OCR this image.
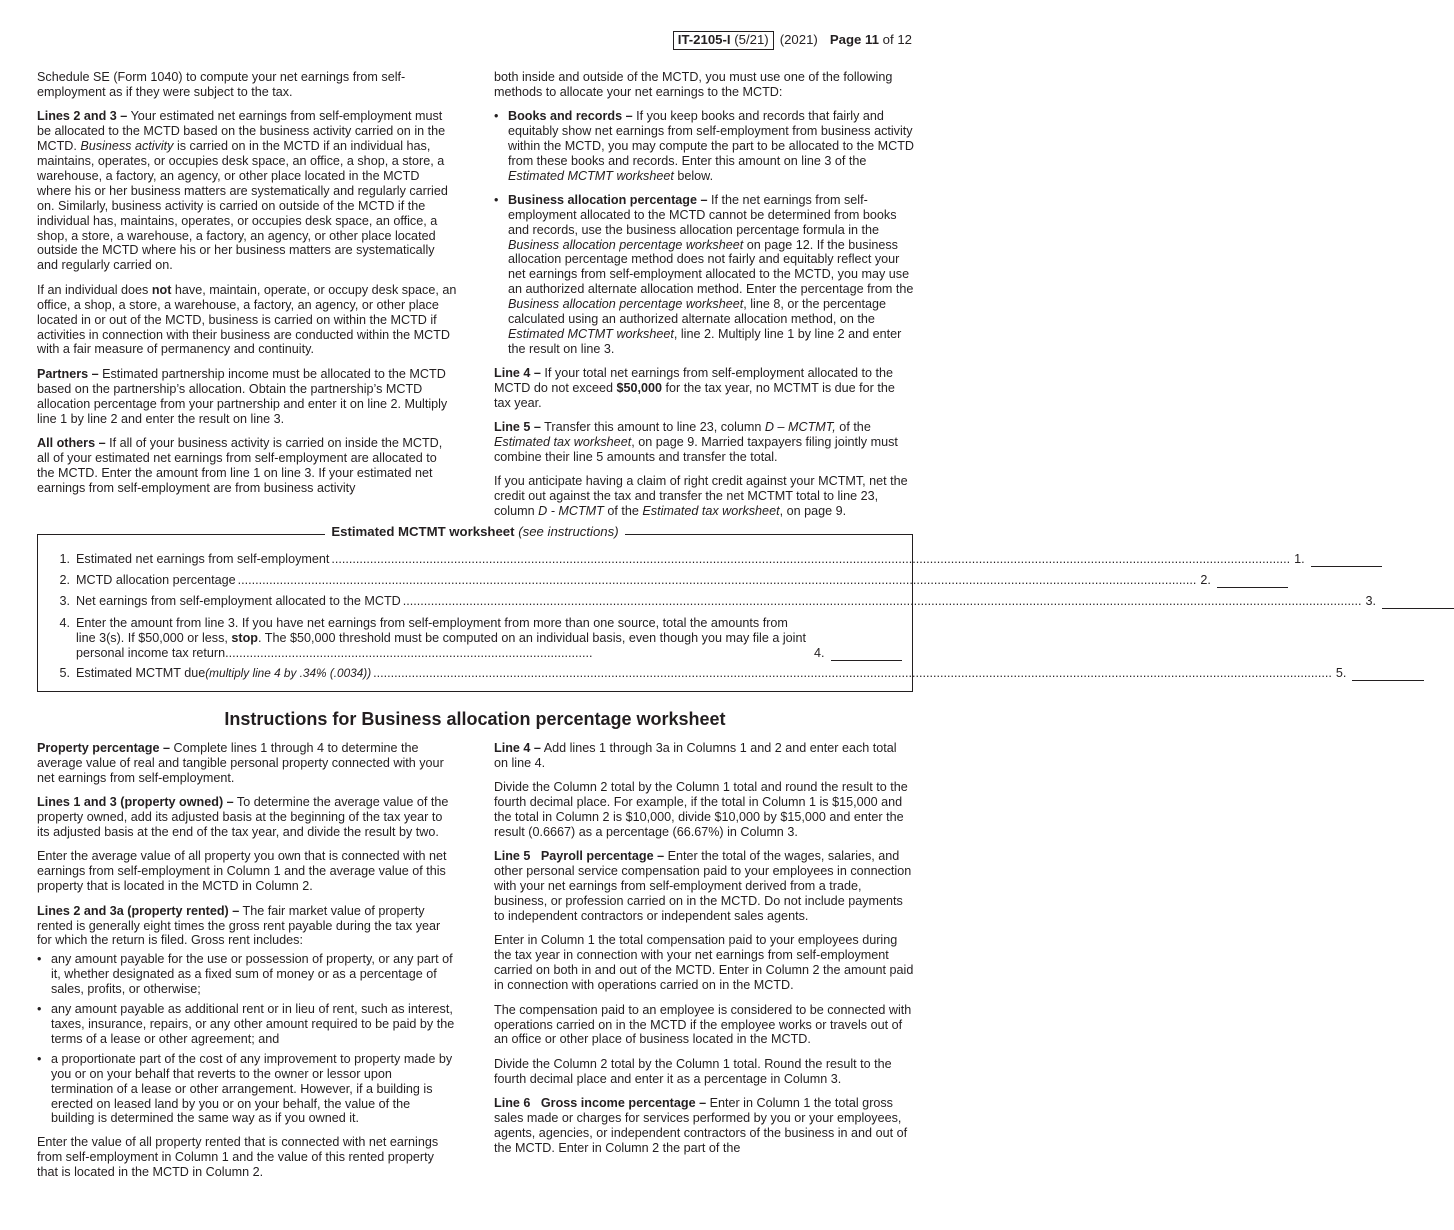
IT-2105-I (5/21) (2021) Page 11 of 12

Schedule SE (Form 1040) to compute your net earnings from self-employment as if they were subject to the tax.

Lines 2 and 3 – Your estimated net earnings from self-employment must be allocated to the MCTD based on the business activity carried on in the MCTD. Business activity is carried on in the MCTD if an individual has, maintains, operates, or occupies desk space, an office, a shop, a store, a warehouse, a factory, an agency, or other place located in the MCTD where his or her business matters are systematically and regularly carried on. Similarly, business activity is carried on outside of the MCTD if the individual has, maintains, operates, or occupies desk space, an office, a shop, a store, a warehouse, a factory, an agency, or other place located outside the MCTD where his or her business matters are systematically and regularly carried on.

If an individual does not have, maintain, operate, or occupy desk space, an office, a shop, a store, a warehouse, a factory, an agency, or other place located in or out of the MCTD, business is carried on within the MCTD if activities in connection with their business are conducted within the MCTD with a fair measure of permanency and continuity.

Partners – Estimated partnership income must be allocated to the MCTD based on the partnership’s allocation. Obtain the partnership’s MCTD allocation percentage from your partnership and enter it on line 2. Multiply line 1 by line 2 and enter the result on line 3.

All others – If all of your business activity is carried on inside the MCTD, all of your estimated net earnings from self-employment are allocated to the MCTD. Enter the amount from line 1 on line 3. If your estimated net earnings from self-employment are from business activity

both inside and outside of the MCTD, you must use one of the following methods to allocate your net earnings to the MCTD:

• Books and records – If you keep books and records that fairly and equitably show net earnings from self-employment from business activity within the MCTD, you may compute the part to be allocated to the MCTD from these books and records. Enter this amount on line 3 of the Estimated MCTMT worksheet below.
• Business allocation percentage – If the net earnings from self-employment allocated to the MCTD cannot be determined from books and records, use the business allocation percentage formula in the Business allocation percentage worksheet on page 12. If the business allocation percentage method does not fairly and equitably reflect your net earnings from self-employment allocated to the MCTD, you may use an authorized alternate allocation method. Enter the percentage from the Business allocation percentage worksheet, line 8, or the percentage calculated using an authorized alternate allocation method, on the Estimated MCTMT worksheet, line 2. Multiply line 1 by line 2 and enter the result on line 3.

Line 4 – If your total net earnings from self-employment allocated to the MCTD do not exceed $50,000 for the tax year, no MCTMT is due for the tax year.

Line 5 – Transfer this amount to line 23, column D – MCTMT, of the Estimated tax worksheet, on page 9. Married taxpayers filing jointly must combine their line 5 amounts and transfer the total.

If you anticipate having a claim of right credit against your MCTMT, net the credit out against the tax and transfer the net MCTMT total to line 23, column D - MCTMT of the Estimated tax worksheet, on page 9.

Estimated MCTMT worksheet (see instructions)
1. Estimated net earnings from self-employment .................................................................................................................................................................................................................................................................................. 1.
2. MCTD allocation percentage .................................................................................................................................................................................................................................................................................. 2.
3. Net earnings from self-employment allocated to the MCTD .................................................................................................................................................................................................................................................................................. 3.
4. Enter the amount from line 3. If you have net earnings from self-employment from more than one source, total the amounts from line 3(s). If $50,000 or less, stop. The $50,000 threshold must be computed on an individual basis, even though you may file a joint personal income tax return.........................................................................................................	4.
5. Estimated MCTMT due (multiply line 4 by .34% (.0034)) .................................................................................................................................................................................................................................................................................. 5.
Instructions for Business allocation percentage worksheet

Property percentage – Complete lines 1 through 4 to determine the average value of real and tangible personal property connected with your net earnings from self-employment.

Lines 1 and 3 (property owned) – To determine the average value of the property owned, add its adjusted basis at the beginning of the tax year to its adjusted basis at the end of the tax year, and divide the result by two.

Enter the average value of all property you own that is connected with net earnings from self-employment in Column 1 and the average value of this property that is located in the MCTD in Column 2.

Lines 2 and 3a (property rented) – The fair market value of property rented is generally eight times the gross rent payable during the tax year for which the return is filed. Gross rent includes:

• any amount payable for the use or possession of property, or any part of it, whether designated as a fixed sum of money or as a percentage of sales, profits, or otherwise;
• any amount payable as additional rent or in lieu of rent, such as interest, taxes, insurance, repairs, or any other amount required to be paid by the terms of a lease or other agreement; and
• a proportionate part of the cost of any improvement to property made by you or on your behalf that reverts to the owner or lessor upon termination of a lease or other arrangement. However, if a building is erected on leased land by you or on your behalf, the value of the building is determined the same way as if you owned it.

Enter the value of all property rented that is connected with net earnings from self-employment in Column 1 and the value of this rented property that is located in the MCTD in Column 2.

Line 4 – Add lines 1 through 3a in Columns 1 and 2 and enter each total on line 4.

Divide the Column 2 total by the Column 1 total and round the result to the fourth decimal place. For example, if the total in Column 1 is $15,000 and the total in Column 2 is $10,000, divide $10,000 by $15,000 and enter the result (0.6667) as a percentage (66.67%) in Column 3.

Line 5   Payroll percentage – Enter the total of the wages, salaries, and other personal service compensation paid to your employees in connection with your net earnings from self-employment derived from a trade, business, or profession carried on in the MCTD. Do not include payments to independent contractors or independent sales agents.

Enter in Column 1 the total compensation paid to your employees during the tax year in connection with your net earnings from self-employment carried on both in and out of the MCTD. Enter in Column 2 the amount paid in connection with operations carried on in the MCTD.

The compensation paid to an employee is considered to be connected with operations carried on in the MCTD if the employee works or travels out of an office or other place of business located in the MCTD.

Divide the Column 2 total by the Column 1 total. Round the result to the fourth decimal place and enter it as a percentage in Column 3.

Line 6   Gross income percentage – Enter in Column 1 the total gross sales made or charges for services performed by you or your employees, agents, agencies, or independent contractors of the business in and out of the MCTD. Enter in Column 2 the part of the
